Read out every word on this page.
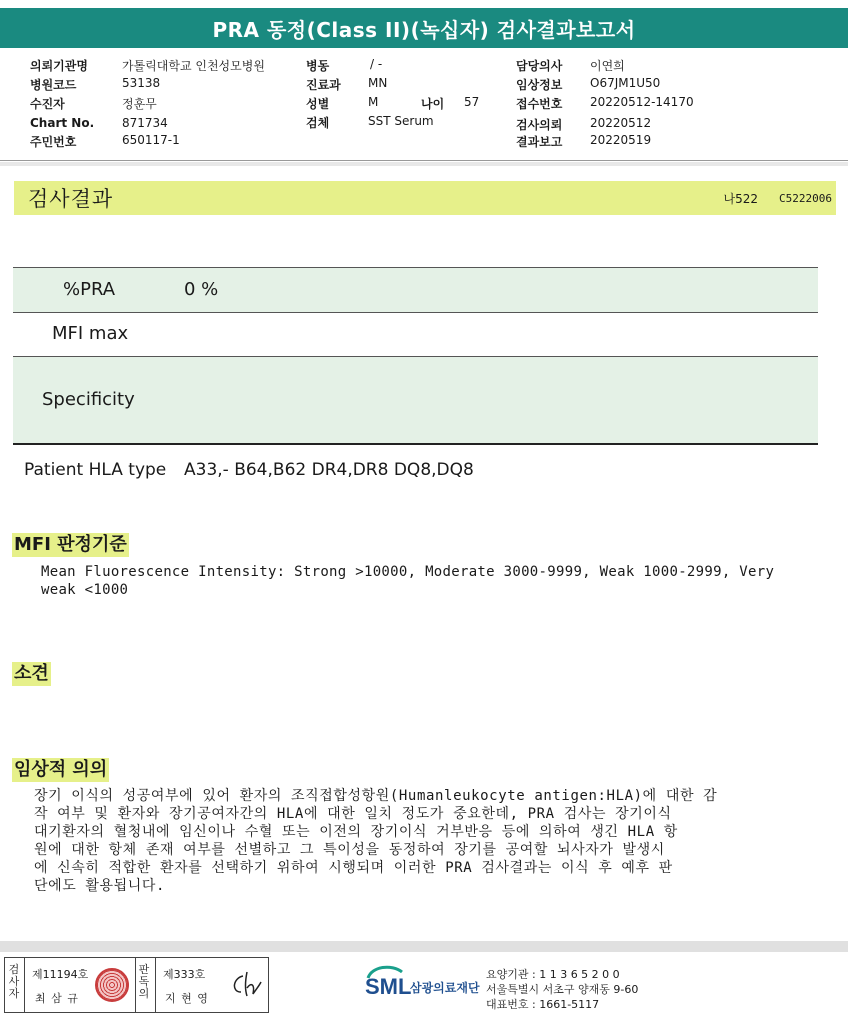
PRA 동정(Class II)(녹십자) 검사결과보고서
의뢰기관명	가톨릭대학교 인천성모병원
병원코드	53138
수진자	정훈무
Chart No. 871734
주민번호	650117-1
병동	/ -
진료과 MN
성별	M	나이 57
검체	SST Serum
담당의사 이연희
임상정보 O67JM1U50
접수번호 20220512-14170
검사의뢰 20220512
결과보고 20220519
검사결과	나522 C5222006
%PRA	0 %
MFI max
Specificity
Patient HLA type A33,- B64,B62 DR4,DR8 DQ8,DQ8
MFI 판정기준
Mean Fluorescence Intensity: Strong >10000, Moderate 3000-9999, Weak 1000-2999, Very weak <1000
소견
임상적 의의
장기 이식의 성공여부에 있어 환자의 조직접합성항원(Humanleukocyte antigen:HLA)에 대한 감
작 여부 및 환자와 장기공여자간의 HLA에 대한 일치 정도가 중요한데, PRA 검사는 장기이식
대기환자의 혈청내에 임신이나 수혈 또는 이전의 장기이식 거부반응 등에 의하여 생긴 HLA 항
원에 대한 항체 존재 여부를 선별하고 그 특이성을 동정하여 장기를 공여할 뇌사자가 발생시
에 신속히 적합한 환자를 선택하기 위하여 시행되며 이러한 PRA 검사결과는 이식 후 예후 판
단에도 활용됩니다.
검사자
제11194호
최 삼 규
판독의
제333호
지 현 영	SML
삼광의료재단
요양기관 : 1 1 3 6 5 2 0 0
서울특별시 서초구 양재동 9-60
대표번호 : 1661-5117
